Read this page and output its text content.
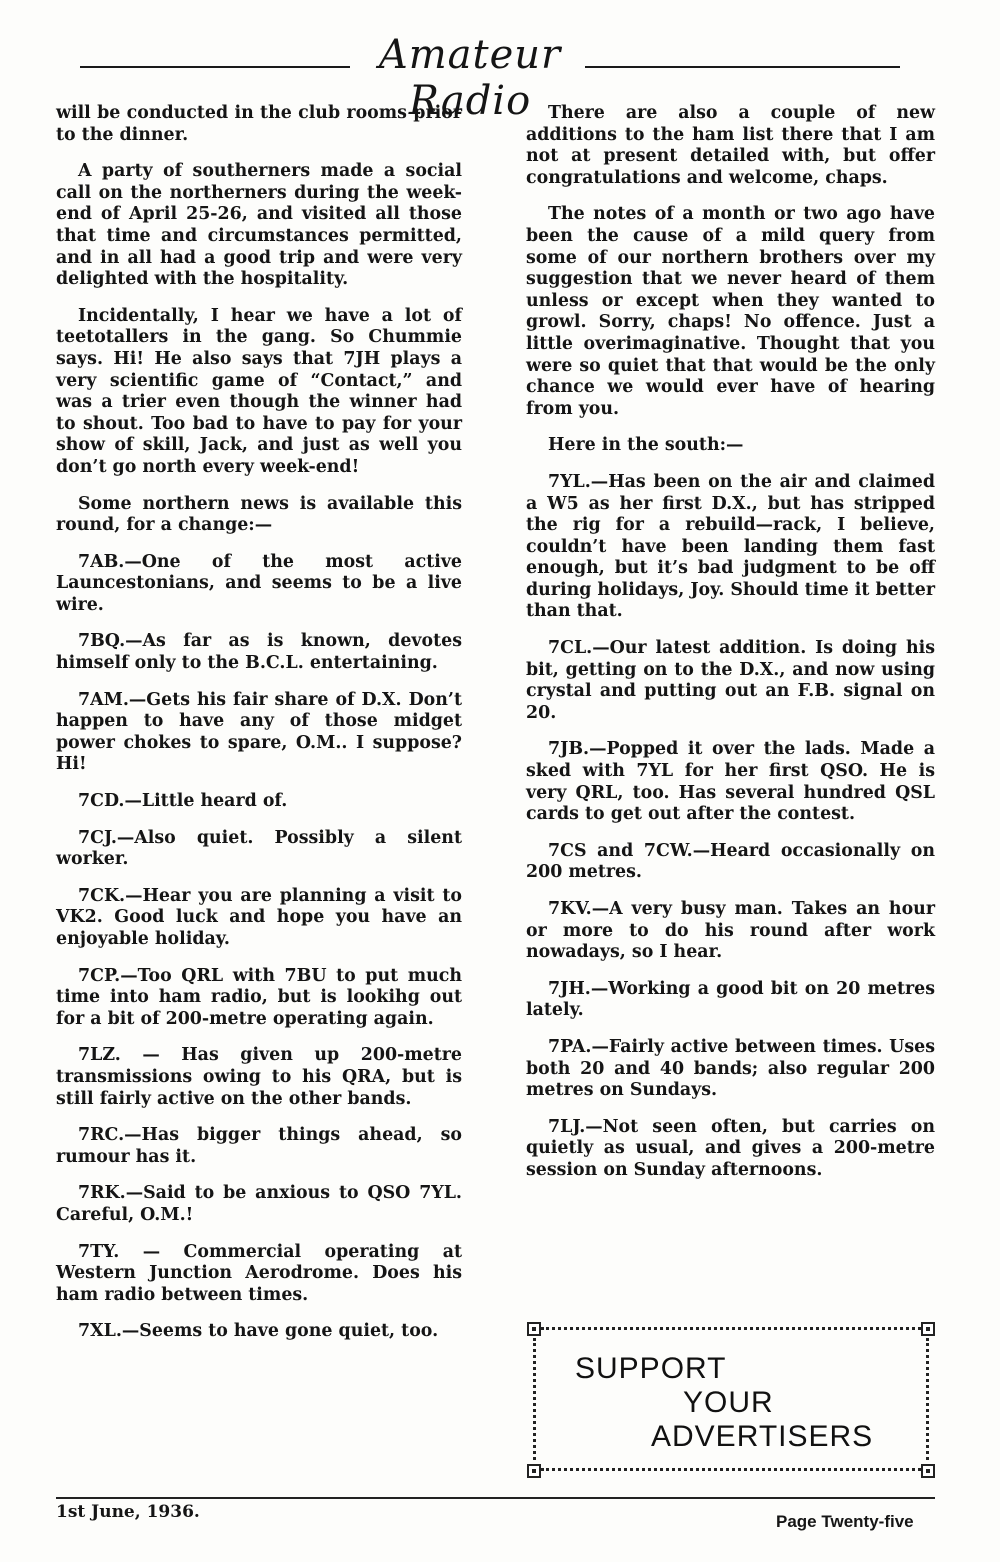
Amateur Radio

will be conducted in the club rooms prior to the dinner.

A party of southerners made a social call on the northerners during the week-end of April 25-26, and visited all those that time and circumstances permitted, and in all had a good trip and were very delighted with the hospitality.

Incidentally, I hear we have a lot of teetotallers in the gang. So Chummie says. Hi! He also says that 7JH plays a very scientific game of “Contact,” and was a trier even though the winner had to shout. Too bad to have to pay for your show of skill, Jack, and just as well you don’t go north every week-end!

Some northern news is available this round, for a change:—

7AB.—One of the most active Launcestonians, and seems to be a live wire.

7BQ.—As far as is known, devotes himself only to the B.C.L. entertaining.

7AM.—Gets his fair share of D.X. Don’t happen to have any of those midget power chokes to spare, O.M.. I suppose? Hi!

7CD.—Little heard of.

7CJ.—Also quiet. Possibly a silent worker.

7CK.—Hear you are planning a visit to VK2. Good luck and hope you have an enjoyable holiday.

7CP.—Too QRL with 7BU to put much time into ham radio, but is lookihg out for a bit of 200-metre operating again.

7LZ. — Has given up 200-metre transmissions owing to his QRA, but is still fairly active on the other bands.

7RC.—Has bigger things ahead, so rumour has it.

7RK.—Said to be anxious to QSO 7YL. Careful, O.M.!

7TY. — Commercial operating at Western Junction Aerodrome. Does his ham radio between times.

7XL.—Seems to have gone quiet, too.

There are also a couple of new additions to the ham list there that I am not at present detailed with, but offer congratulations and welcome, chaps.

The notes of a month or two ago have been the cause of a mild query from some of our northern brothers over my suggestion that we never heard of them unless or except when they wanted to growl. Sorry, chaps! No offence. Just a little overimaginative. Thought that you were so quiet that that would be the only chance we would ever have of hearing from you.

Here in the south:—

7YL.—Has been on the air and claimed a W5 as her first D.X., but has stripped the rig for a rebuild—rack, I believe, couldn’t have been landing them fast enough, but it’s bad judgment to be off during holidays, Joy. Should time it better than that.

7CL.—Our latest addition. Is doing his bit, getting on to the D.X., and now using crystal and putting out an F.B. signal on 20.

7JB.—Popped it over the lads. Made a sked with 7YL for her first QSO. He is very QRL, too. Has several hundred QSL cards to get out after the contest.

7CS and 7CW.—Heard occasionally on 200 metres.

7KV.—A very busy man. Takes an hour or more to do his round after work nowadays, so I hear.

7JH.—Working a good bit on 20 metres lately.

7PA.—Fairly active between times. Uses both 20 and 40 bands; also regular 200 metres on Sundays.

7LJ.—Not seen often, but carries on quietly as usual, and gives a 200-metre session on Sunday afternoons.

SUPPORT
YOUR
ADVERTISERS
1st June, 1936.	Page Twenty-five
